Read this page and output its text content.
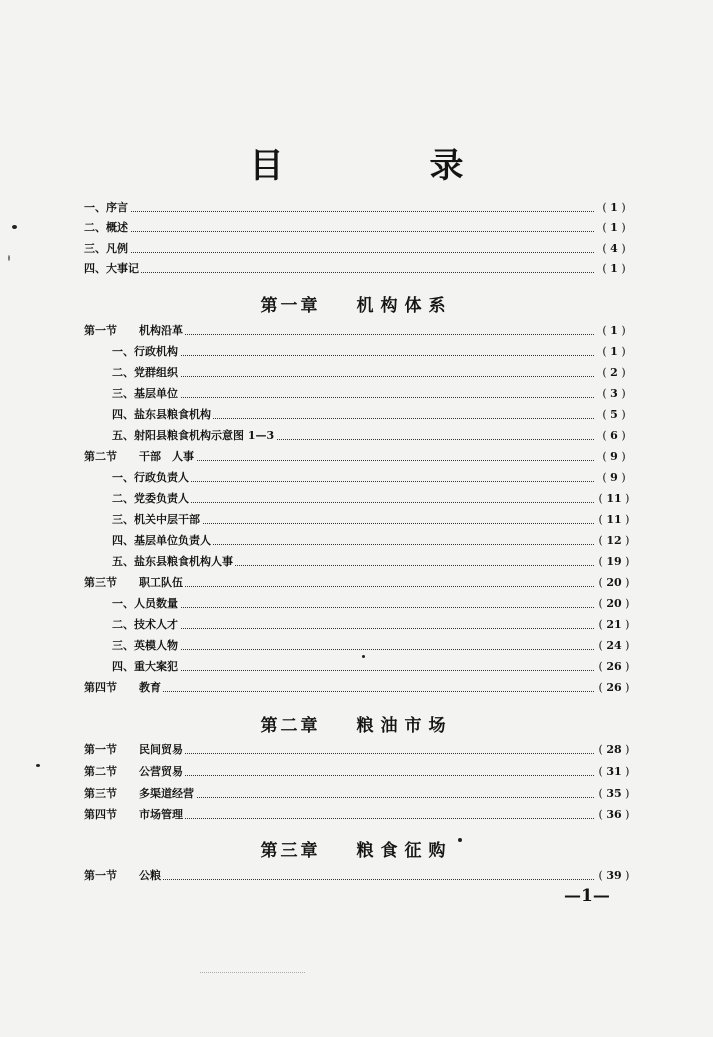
目　录
一、序言	( 1 )
二、概述	( 1 )
三、凡例	( 4 )
四、大事记	( 1 )
第一章 机构体系
第一节 机构沿革	( 1 )
一、行政机构	( 1 )
二、党群组织	( 2 )
三、基层单位	( 3 )
四、盐东县粮食机构	( 5 )
五、射阳县粮食机构示意图 1—3	( 6 )
第二节 干部　人事	( 9 )
一、行政负责人	( 9 )
二、党委负责人	( 11 )
三、机关中层干部	( 11 )
四、基层单位负责人	( 12 )
五、盐东县粮食机构人事	( 19 )
第三节 职工队伍	( 20 )
一、人员数量	( 20 )
二、技术人才	( 21 )
三、英模人物	( 24 )
四、重大案犯	( 26 )
第四节 教育	( 26 )
第二章 粮油市场
第一节 民间贸易	( 28 )
第二节 公营贸易	( 31 )
第三节 多渠道经营	( 35 )
第四节 市场管理	( 36 )
第三章 粮食征购
第一节 公粮	( 39 )
—1—
